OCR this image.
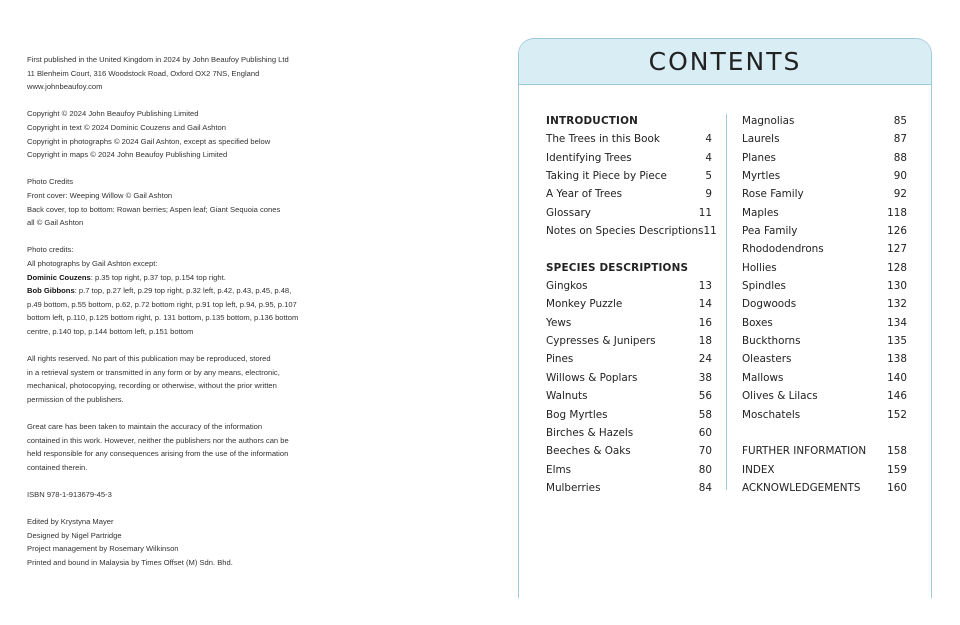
First published in the United Kingdom in 2024 by John Beaufoy Publishing Ltd
11 Blenheim Court, 316 Woodstock Road, Oxford OX2 7NS, England
www.johnbeaufoy.com

Copyright © 2024 John Beaufoy Publishing Limited
Copyright in text © 2024 Dominic Couzens and Gail Ashton
Copyright in photographs © 2024 Gail Ashton, except as specified below
Copyright in maps © 2024 John Beaufoy Publishing Limited

Photo Credits
Front cover: Weeping Willow © Gail Ashton
Back cover, top to bottom: Rowan berries; Aspen leaf; Giant Sequoia cones
all © Gail Ashton

Photo credits:
All photographs by Gail Ashton except:
Dominic Couzens: p.35 top right, p.37 top, p.154 top right.
Bob Gibbons: p.7 top, p.27 left, p.29 top right, p.32 left, p.42, p.43, p.45, p.48,
p.49 bottom, p.55 bottom, p.62, p.72 bottom right, p.91 top left, p.94, p.95, p.107
bottom left, p.110, p.125 bottom right, p. 131 bottom, p.135 bottom, p.136 bottom
centre, p.140 top, p.144 bottom left, p.151 bottom

All rights reserved. No part of this publication may be reproduced, stored
in a retrieval system or transmitted in any form or by any means, electronic,
mechanical, photocopying, recording or otherwise, without the prior written
permission of the publishers.

Great care has been taken to maintain the accuracy of the information
contained in this work. However, neither the publishers nor the authors can be
held responsible for any consequences arising from the use of the information
contained therein.

ISBN 978-1-913679-45-3

Edited by Krystyna Mayer
Designed by Nigel Partridge
Project management by Rosemary Wilkinson
Printed and bound in Malaysia by Times Offset (M) Sdn. Bhd.

CONTENTS
INTRODUCTION
The Trees in this Book	4
Identifying Trees	4
Taking it Piece by Piece	5
A Year of Trees	9
Glossary	11
Notes on Species Descriptions 11
SPECIES DESCRIPTIONS
Gingkos	13
Monkey Puzzle	14
Yews	16
Cypresses & Junipers	18
Pines	24
Willows & Poplars	38
Walnuts	56
Bog Myrtles	58
Birches & Hazels	60
Beeches & Oaks	70
Elms	80
Mulberries	84
Magnolias	85
Laurels	87
Planes	88
Myrtles	90
Rose Family	92
Maples	118
Pea Family	126
Rhododendrons	127
Hollies	128
Spindles	130
Dogwoods	132
Boxes	134
Buckthorns	135
Oleasters	138
Mallows	140
Olives & Lilacs	146
Moschatels	152
FURTHER INFORMATION 158
INDEX	159
ACKNOWLEDGEMENTS	160
